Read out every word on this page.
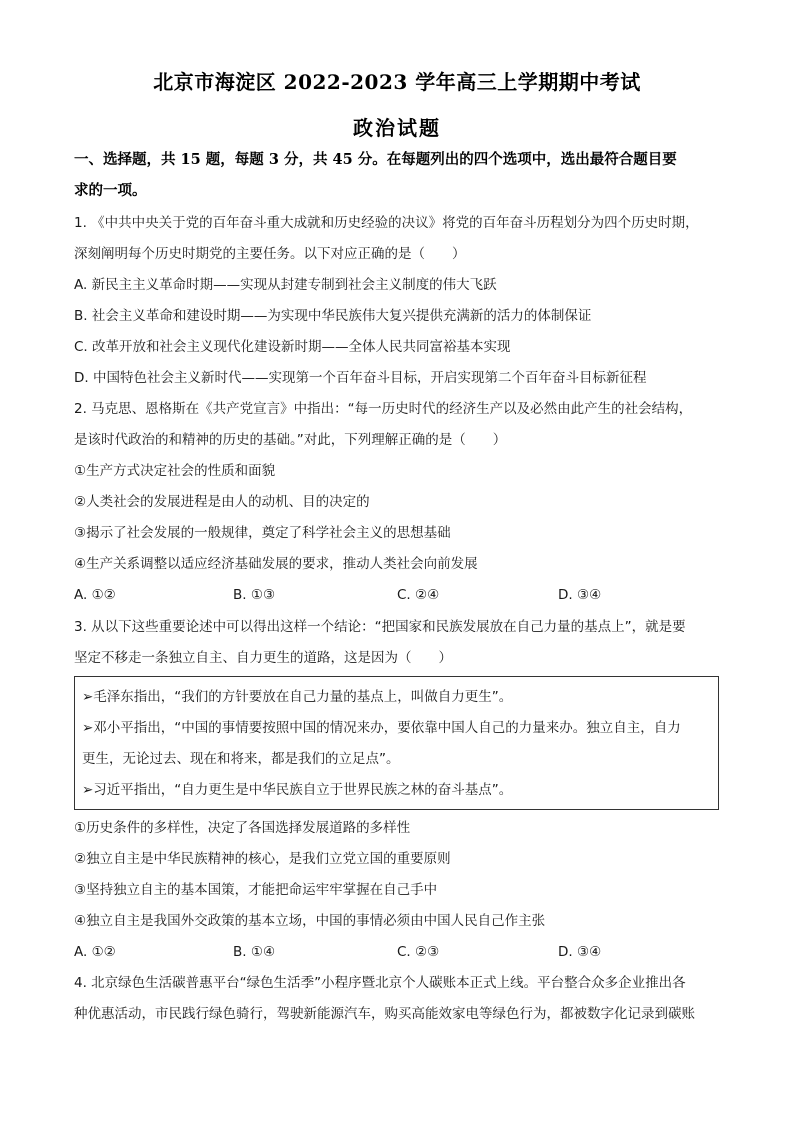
北京市海淀区 2022-2023 学年高三上学期期中考试
政治试题
一、选择题，共 15 题，每题 3 分，共 45 分。在每题列出的四个选项中，选出最符合题目要
求的一项。
1. 《中共中央关于党的百年奋斗重大成就和历史经验的决议》将党的百年奋斗历程划分为四个历史时期，
深刻阐明每个历史时期党的主要任务。以下对应正确的是（　　）
A. 新民主主义革命时期——实现从封建专制到社会主义制度的伟大飞跃
B. 社会主义革命和建设时期——为实现中华民族伟大复兴提供充满新的活力的体制保证
C. 改革开放和社会主义现代化建设新时期——全体人民共同富裕基本实现
D. 中国特色社会主义新时代——实现第一个百年奋斗目标，开启实现第二个百年奋斗目标新征程
2. 马克思、恩格斯在《共产党宣言》中指出：“每一历史时代的经济生产以及必然由此产生的社会结构，
是该时代政治的和精神的历史的基础。”对此，下列理解正确的是（　　）
①生产方式决定社会的性质和面貌
②人类社会的发展进程是由人的动机、目的决定的
③揭示了社会发展的一般规律，奠定了科学社会主义的思想基础
④生产关系调整以适应经济基础发展的要求，推动人类社会向前发展
A. ①②	B. ①③	C. ②④	D. ③④
3. 从以下这些重要论述中可以得出这样一个结论：“把国家和民族发展放在自己力量的基点上”，就是要
坚定不移走一条独立自主、自力更生的道路，这是因为（　　）
➢毛泽东指出，“我们的方针要放在自己力量的基点上，叫做自力更生”。
➢邓小平指出，“中国的事情要按照中国的情况来办，要依靠中国人自己的力量来办。独立自主，自力
更生，无论过去、现在和将来，都是我们的立足点”。
➢习近平指出，“自力更生是中华民族自立于世界民族之林的奋斗基点”。
①历史条件的多样性，决定了各国选择发展道路的多样性
②独立自主是中华民族精神的核心，是我们立党立国的重要原则
③坚持独立自主的基本国策，才能把命运牢牢掌握在自己手中
④独立自主是我国外交政策的基本立场，中国的事情必须由中国人民自己作主张
A. ①②	B. ①④	C. ②③	D. ③④
4. 北京绿色生活碳普惠平台“绿色生活季”小程序暨北京个人碳账本正式上线。平台整合众多企业推出各
种优惠活动，市民践行绿色骑行，驾驶新能源汽车，购买高能效家电等绿色行为，都被数字化记录到碳账
